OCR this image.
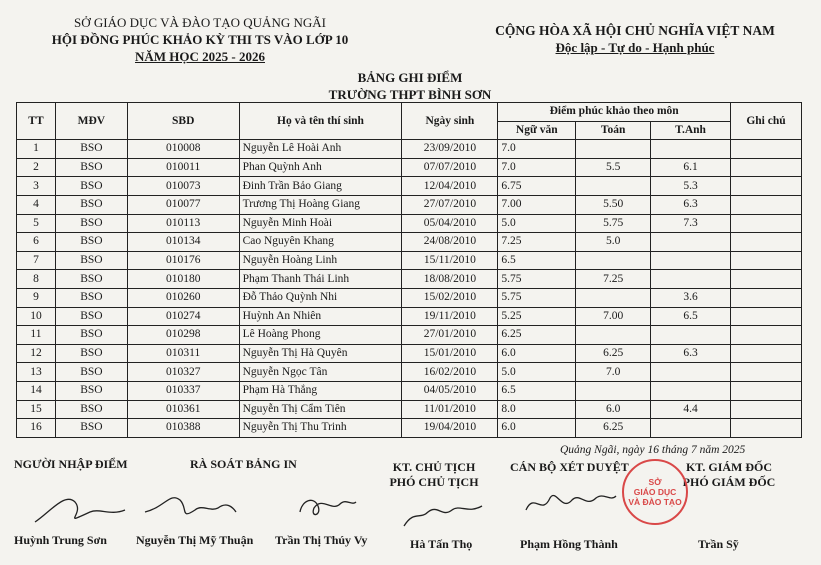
SỞ GIÁO DỤC VÀ ĐÀO TẠO QUẢNG NGÃI
HỘI ĐỒNG PHÚC KHẢO KỲ THI TS VÀO LỚP 10
NĂM HỌC 2025 - 2026
CỘNG HÒA XÃ HỘI CHỦ NGHĨA VIỆT NAM
Độc lập - Tự do - Hạnh phúc
BẢNG GHI ĐIỂM
TRƯỜNG THPT BÌNH SƠN
TT	MĐV	SBD	Họ và tên thí sinh	Ngày sinh	Điểm phúc khảo theo môn			Ghi chú
					Ngữ văn	Toán	T.Anh	
1	BSO	010008	Nguyễn Lê Hoài Anh	23/09/2010	7.0			
2	BSO	010011	Phan Quỳnh Anh	07/07/2010	7.0	5.5	6.1	
3	BSO	010073	Đinh Trần Bảo Giang	12/04/2010	6.75		5.3	
4	BSO	010077	Trương Thị Hoàng Giang	27/07/2010	7.00	5.50	6.3	
5	BSO	010113	Nguyễn Minh Hoài	05/04/2010	5.0	5.75	7.3	
6	BSO	010134	Cao Nguyên Khang	24/08/2010	7.25	5.0		
7	BSO	010176	Nguyễn Hoàng Linh	15/11/2010	6.5			
8	BSO	010180	Phạm Thanh Thái Linh	18/08/2010	5.75	7.25		
9	BSO	010260	Đỗ Thảo Quỳnh Nhi	15/02/2010	5.75		3.6	
10	BSO	010274	Huỳnh An Nhiên	19/11/2010	5.25	7.00	6.5	
11	BSO	010298	Lê Hoàng Phong	27/01/2010	6.25			
12	BSO	010311	Nguyễn Thị Hà Quyên	15/01/2010	6.0	6.25	6.3	
13	BSO	010327	Nguyễn Ngọc Tân	16/02/2010	5.0	7.0		
14	BSO	010337	Phạm Hà Thắng	04/05/2010	6.5			
15	BSO	010361	Nguyễn Thị Cẩm Tiên	11/01/2010	8.0	6.0	4.4	
16	BSO	010388	Nguyễn Thị Thu Trinh	19/04/2010	6.0	6.25		
Quảng Ngãi, ngày 16 tháng 7 năm 2025
NGƯỜI NHẬP ĐIỂM	RÀ SOÁT BẢNG IN	KT. CHỦ TỊCH
PHÓ CHỦ TỊCH
CÁN BỘ XÉT DUYỆT	KT. GIÁM ĐỐC
PHÓ GIÁM ĐỐC
SỞ
GIÁO DỤC
VÀ ĐÀO TẠO
Huỳnh Trung Sơn Nguyễn Thị Mỹ Thuận Trần Thị Thúy Vy	Hà Tấn Thọ	Phạm Hồng Thành	Trần Sỹ
